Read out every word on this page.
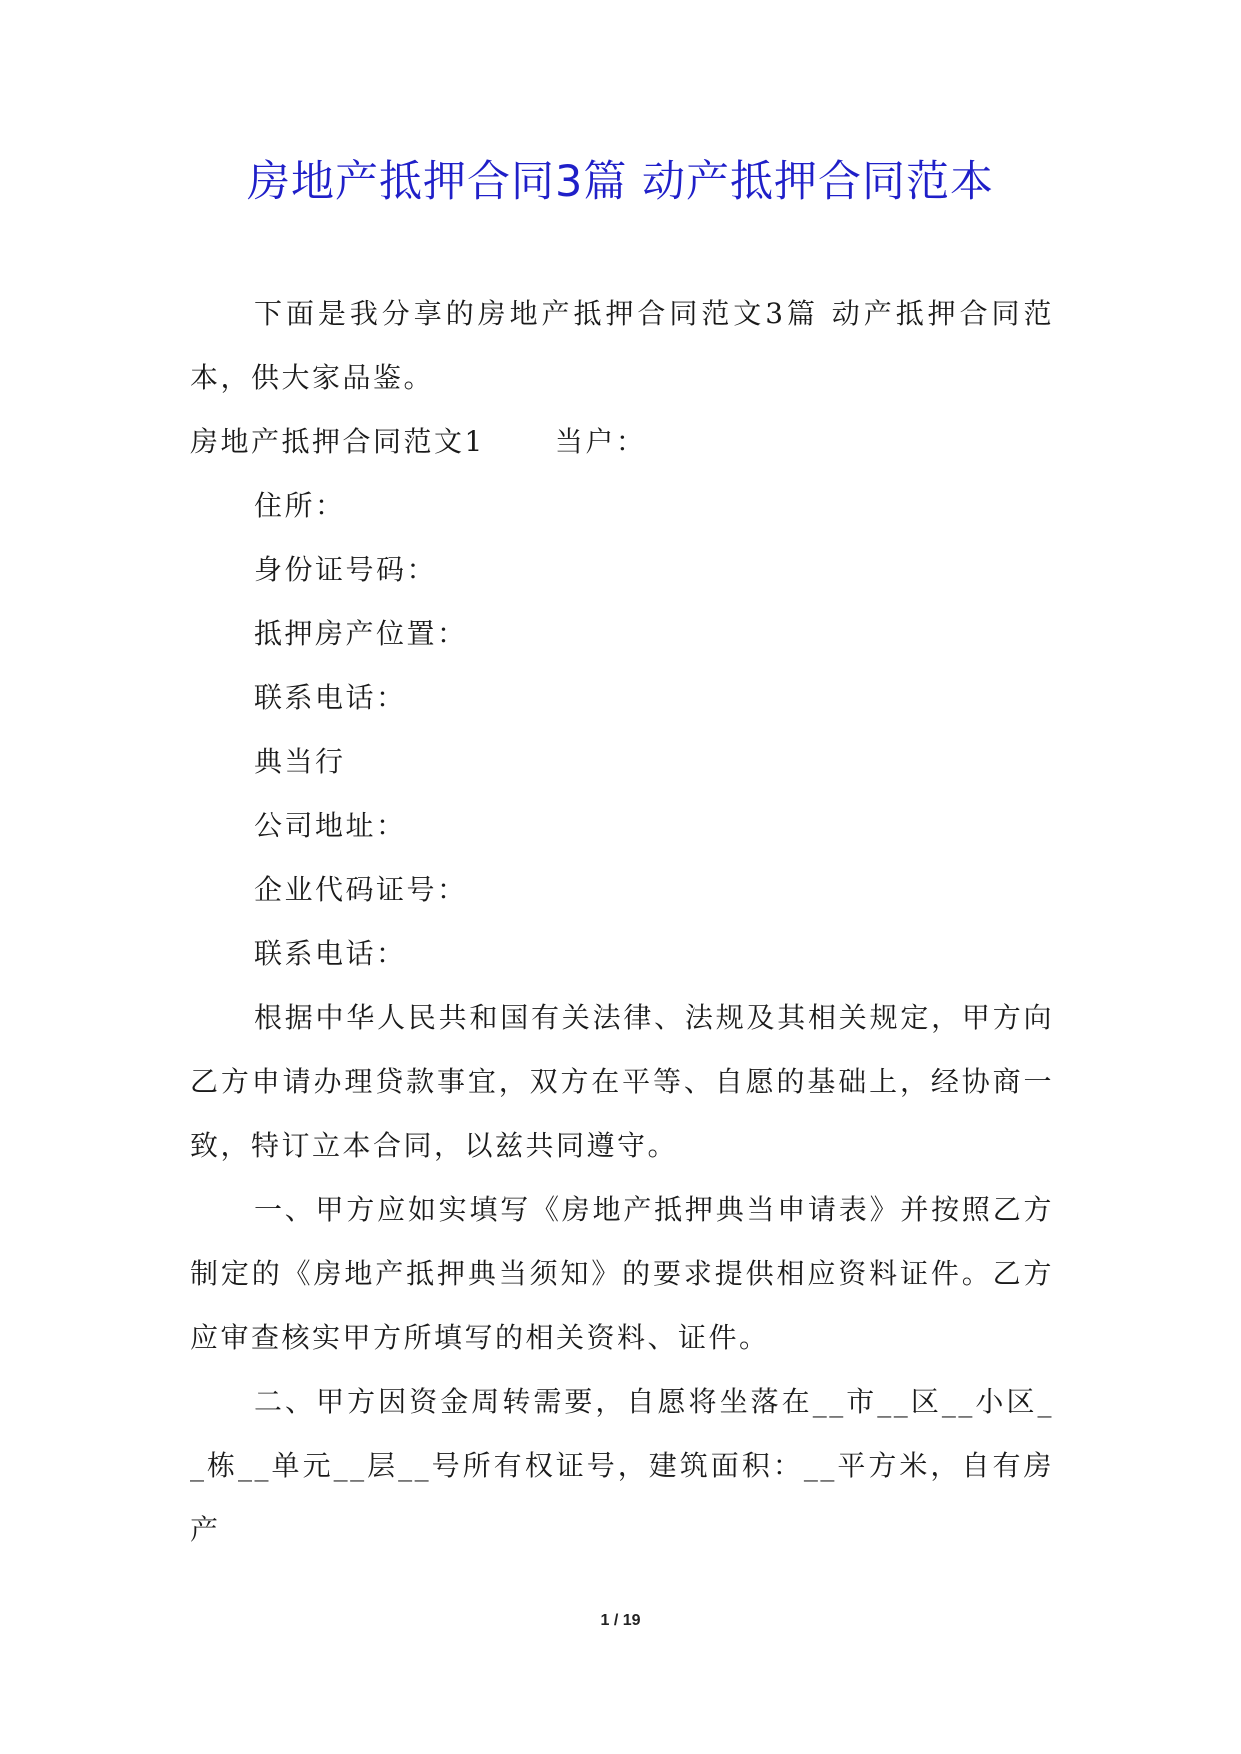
房地产抵押合同3篇 动产抵押合同范本

下面是我分享的房地产抵押合同范文3篇 动产抵押合同范本，供大家品鉴。

房地产抵押合同范文1	当户：

住所：

身份证号码：

抵押房产位置：

联系电话：

典当行

公司地址：

企业代码证号：

联系电话：

根据中华人民共和国有关法律、法规及其相关规定，甲方向乙方申请办理贷款事宜，双方在平等、自愿的基础上，经协商一致，特订立本合同，以兹共同遵守。

一、甲方应如实填写《房地产抵押典当申请表》并按照乙方制定的《房地产抵押典当须知》的要求提供相应资料证件。乙方应审查核实甲方所填写的相关资料、证件。

二、甲方因资金周转需要，自愿将坐落在__市__区__小区__栋__单元__层__号所有权证号，建筑面积：__平方米，自有房产

1 / 19
